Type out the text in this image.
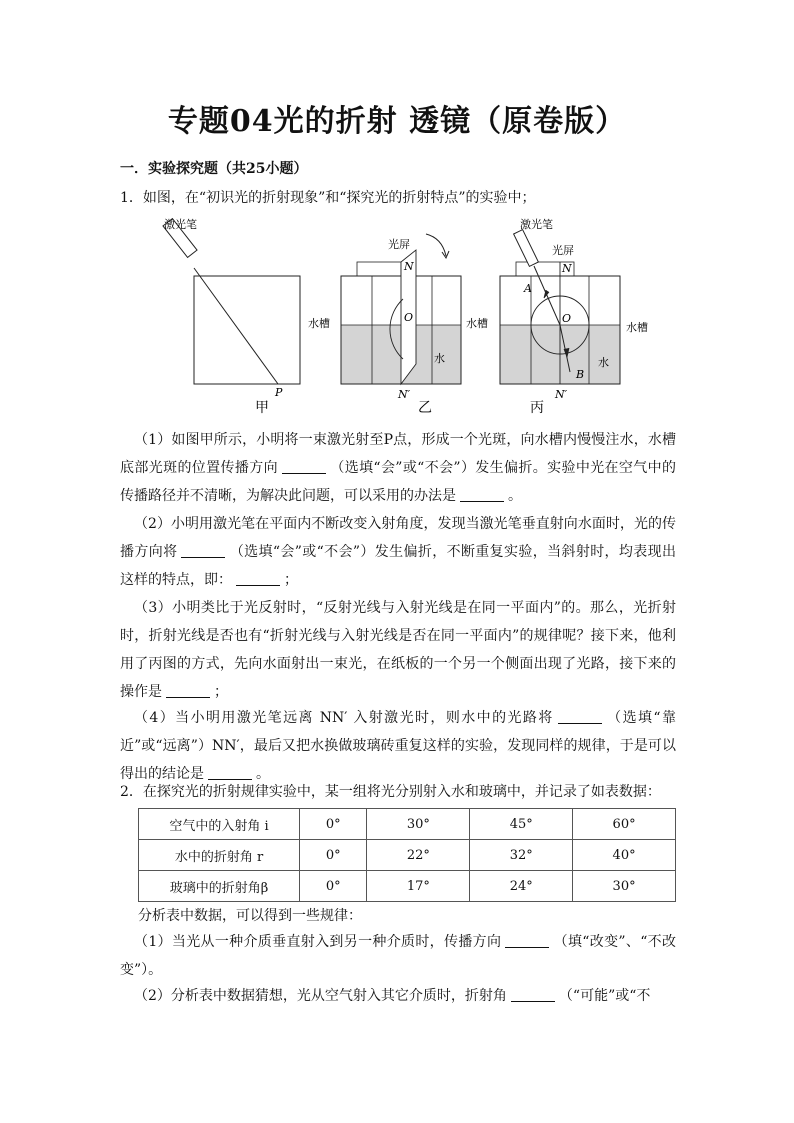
专题04光的折射 透镜（原卷版）
一．实验探究题（共25小题）
1．如图，在“初识光的折射现象”和“探究光的折射特点”的实验中；
激光笔
P
甲
光屏
N
O
N′
水
水槽
乙
激光笔
光屏
N
A
O
B
N′
水
水槽	水槽
丙
（1）如图甲所示，小明将一束激光射至P点，形成一个光斑，向水槽内慢慢注水，水槽底部光斑的位置传播方向	（选填“会”或“不会”）发生偏折。实验中光在空气中的传播路径并不清晰，为解决此问题，可以采用的办法是	。
（2）小明用激光笔在平面内不断改变入射角度，发现当激光笔垂直射向水面时，光的传播方向将	（选填“会”或“不会”）发生偏折，不断重复实验，当斜射时，均表现出这样的特点，即：	；
（3）小明类比于光反射时，“反射光线与入射光线是在同一平面内”的。那么，光折射时，折射光线是否也有“折射光线与入射光线是否在同一平面内”的规律呢？接下来，他利用了丙图的方式，先向水面射出一束光，在纸板的一个另一个侧面出现了光路，接下来的操作是	；
（4）当小明用激光笔远离 NN′ 入射激光时，则水中的光路将	（选填“靠近”或“远离”）NN′，最后又把水换做玻璃砖重复这样的实验，发现同样的规律，于是可以得出的结论是	。
2．在探究光的折射规律实验中，某一组将光分别射入水和玻璃中，并记录了如表数据：
空气中的入射角 i	0°	30°	45°	60°
水中的折射角 r	0°	22°	32°	40°
玻璃中的折射角β	0°	17°	24°	30°
分析表中数据，可以得到一些规律：
（1）当光从一种介质垂直射入到另一种介质时，传播方向	（填“改变”、“不改变”）。
（2）分析表中数据猜想，光从空气射入其它介质时，折射角	（“可能”或“不
